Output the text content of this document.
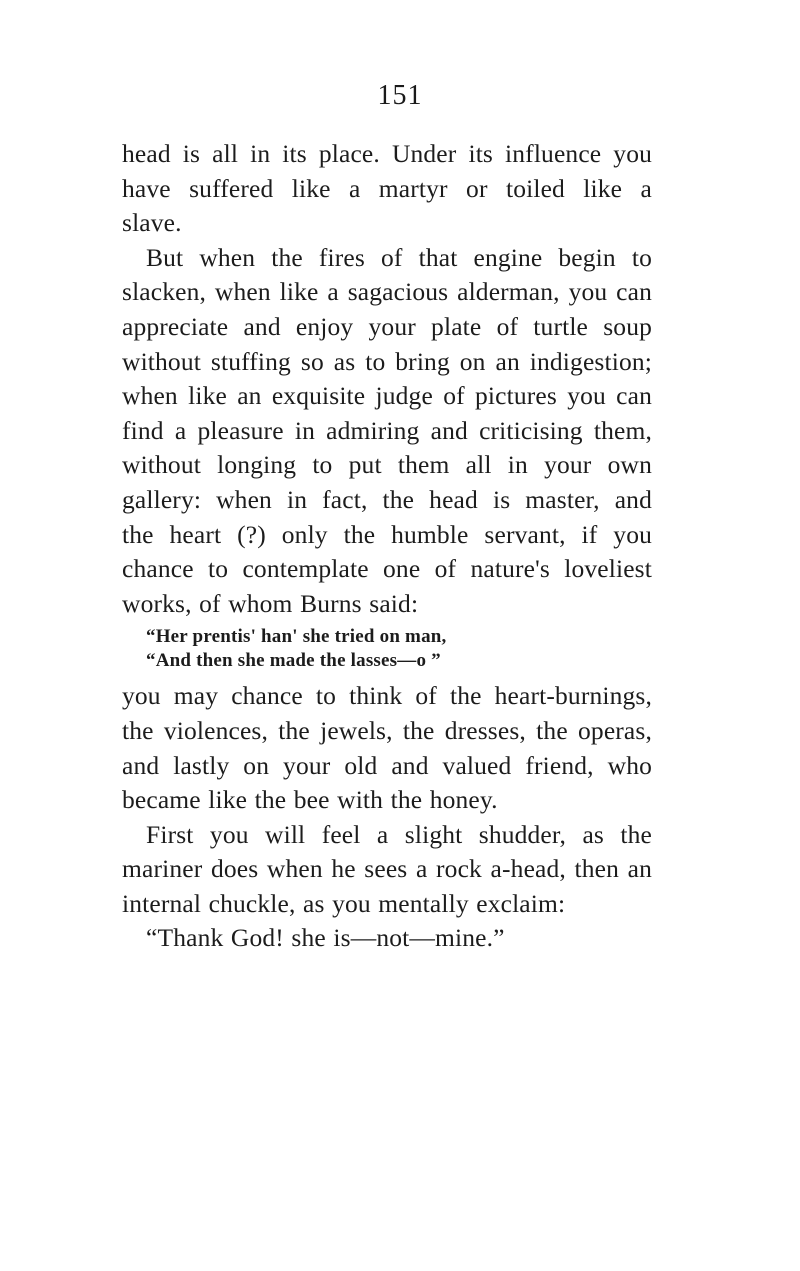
151
head is all in its place. Under its influence you
have suffered like a martyr or toiled like a
slave.
But when the fires of that engine begin to
slacken, when like a sagacious alderman, you can
appreciate and enjoy your plate of turtle soup
without stuffing so as to bring on an indigestion;
when like an exquisite judge of pictures you can
find a pleasure in admiring and criticising them,
without longing to put them all in your own
gallery: when in fact, the head is master, and
the heart (?) only the humble servant, if you
chance to contemplate one of nature's loveliest
works, of whom Burns said:
“Her prentis' han' she tried on man,
“And then she made the lasses—o ”
you may chance to think of the heart-burnings,
the violences, the jewels, the dresses, the operas,
and lastly on your old and valued friend, who
became like the bee with the honey.
First you will feel a slight shudder, as the
mariner does when he sees a rock a-head, then an
internal chuckle, as you mentally exclaim:
“Thank God! she is—not—mine.”
